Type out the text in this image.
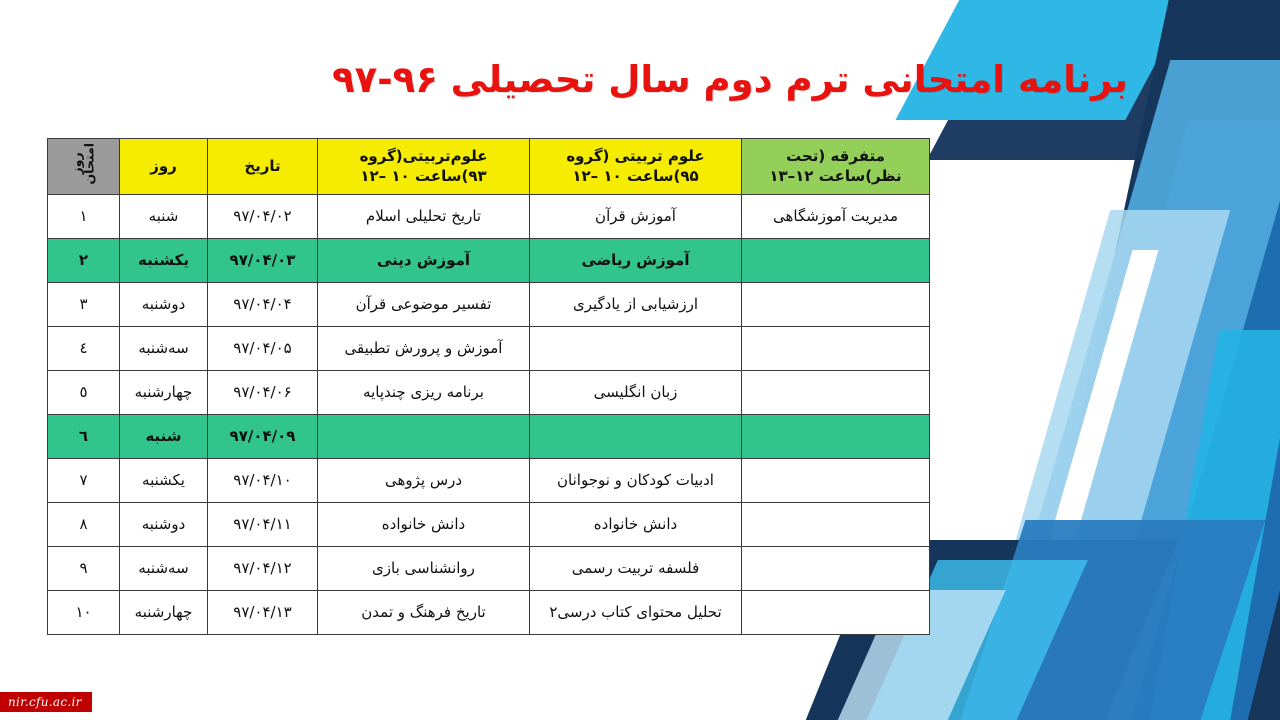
برنامه امتحانی ترم دوم سال تحصیلی ۹۶-۹۷
متفرقه (تحت نظر)ساعت ۱۲–۱۳	علوم تربیتی (گروه ۹۵)ساعت ۱۰ –۱۲	علوم‌تربیتی(گروه ۹۳)ساعت ۱۰ –۱۲	تاریخ	روز	روز امتحان
مدیریت آموزشگاهی	آموزش قرآن	تاریخ تحلیلی اسلام	۹۷/۰۴/۰۲	شنبه	۱
	آموزش ریاضی	آموزش دینی	۹۷/۰۴/۰۳	یکشنبه	۲
	ارزشیابی از یادگیری	تفسیر موضوعی قرآن	۹۷/۰۴/۰۴	دوشنبه	۳
		آموزش و پرورش تطبیقی	۹۷/۰۴/۰۵	سه‌شنبه	٤
	زبان انگلیسی	برنامه ریزی چندپایه	۹۷/۰۴/۰۶	چهارشنبه	٥
			۹۷/۰۴/۰۹	شنبه	٦
	ادبیات کودکان و نوجوانان	درس پژوهی	۹۷/۰۴/۱۰	یکشنبه	۷
	دانش خانواده	دانش خانواده	۹۷/۰۴/۱۱	دوشنبه	۸
	فلسفه تربیت رسمی	روانشناسی بازی	۹۷/۰۴/۱۲	سه‌شنبه	۹
	تحلیل محتوای کتاب درسی۲	تاریخ فرهنگ و تمدن	۹۷/۰۴/۱۳	چهارشنبه	۱۰
nir.cfu.ac.ir
